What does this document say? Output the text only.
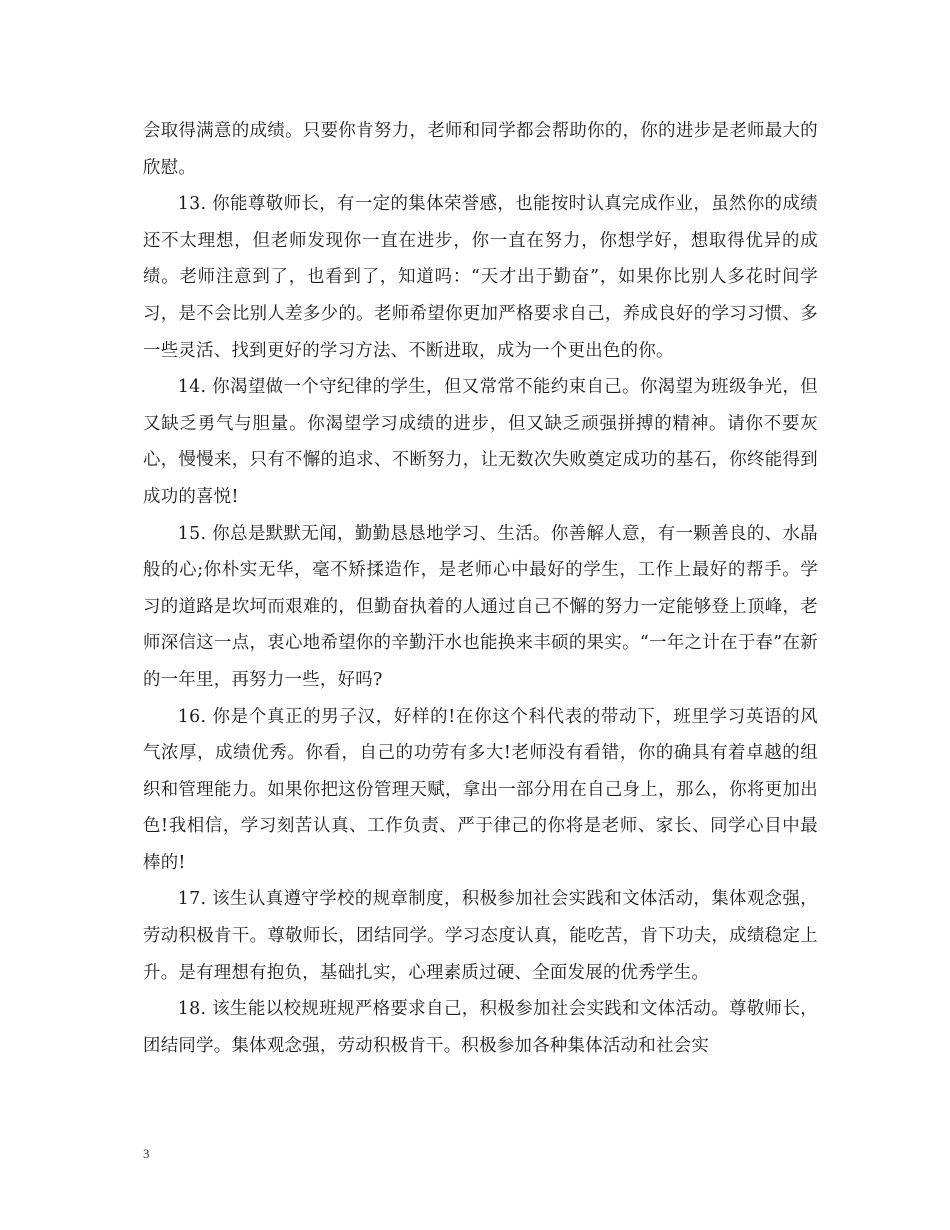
会取得满意的成绩。只要你肯努力，老师和同学都会帮助你的，你的进步是老师最大的欣慰。

13. 你能尊敬师长，有一定的集体荣誉感，也能按时认真完成作业，虽然你的成绩还不太理想，但老师发现你一直在进步，你一直在努力，你想学好，想取得优异的成绩。老师注意到了，也看到了，知道吗：“天才出于勤奋”，如果你比别人多花时间学习，是不会比别人差多少的。老师希望你更加严格要求自己，养成良好的学习习惯、多一些灵活、找到更好的学习方法、不断进取，成为一个更出色的你。

14. 你渴望做一个守纪律的学生，但又常常不能约束自己。你渴望为班级争光，但又缺乏勇气与胆量。你渴望学习成绩的进步，但又缺乏顽强拼搏的精神。请你不要灰心，慢慢来，只有不懈的追求、不断努力，让无数次失败奠定成功的基石，你终能得到成功的喜悦!

15. 你总是默默无闻，勤勤恳恳地学习、生活。你善解人意，有一颗善良的、水晶般的心;你朴实无华，毫不矫揉造作，是老师心中最好的学生，工作上最好的帮手。学习的道路是坎坷而艰难的，但勤奋执着的人通过自己不懈的努力一定能够登上顶峰，老师深信这一点，衷心地希望你的辛勤汗水也能换来丰硕的果实。“一年之计在于春”在新的一年里，再努力一些，好吗?

16. 你是个真正的男子汉，好样的!在你这个科代表的带动下，班里学习英语的风气浓厚，成绩优秀。你看，自己的功劳有多大!老师没有看错，你的确具有着卓越的组织和管理能力。如果你把这份管理天赋，拿出一部分用在自己身上，那么，你将更加出色!我相信，学习刻苦认真、工作负责、严于律己的你将是老师、家长、同学心目中最棒的!

17. 该生认真遵守学校的规章制度，积极参加社会实践和文体活动，集体观念强，劳动积极肯干。尊敬师长，团结同学。学习态度认真，能吃苦，肯下功夫，成绩稳定上升。是有理想有抱负，基础扎实，心理素质过硬、全面发展的优秀学生。

18. 该生能以校规班规严格要求自己，积极参加社会实践和文体活动。尊敬师长，团结同学。集体观念强，劳动积极肯干。积极参加各种集体活动和社会实

3
